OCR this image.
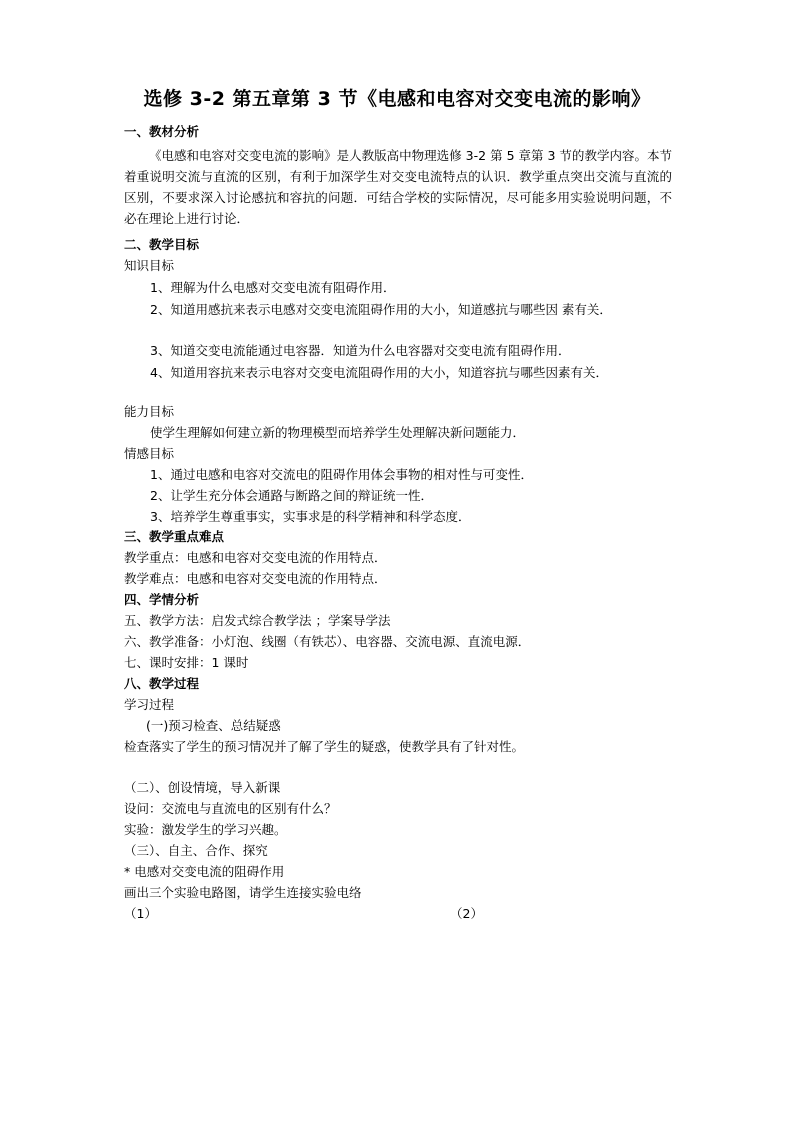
选修 3-2 第五章第 3 节《电感和电容对交变电流的影响》
一、教材分析
《电感和电容对交变电流的影响》是人教版高中物理选修 3-2 第 5 章第 3 节的教学内容。本节着重说明交流与直流的区别，有利于加深学生对交变电流特点的认识．教学重点突出交流与直流的区别，不要求深入讨论感抗和容抗的问题．可结合学校的实际情况，尽可能多用实验说明问题，不必在理论上进行讨论．
二、教学目标
知识目标
1、理解为什么电感对交变电流有阻碍作用．
2、知道用感抗来表示电感对交变电流阻碍作用的大小，知道感抗与哪些因 素有关．
3、知道交变电流能通过电容器．知道为什么电容器对交变电流有阻碍作用．
4、知道用容抗来表示电容对交变电流阻碍作用的大小，知道容抗与哪些因素有关．
能力目标
使学生理解如何建立新的物理模型而培养学生处理解决新问题能力．
情感目标
1、通过电感和电容对交流电的阻碍作用体会事物的相对性与可变性．
2、让学生充分体会通路与断路之间的辩证统一性．
3、培养学生尊重事实，实事求是的科学精神和科学态度．
三、教学重点难点
教学重点：电感和电容对交变电流的作用特点．
教学难点：电感和电容对交变电流的作用特点．
四、学情分析
五、教学方法：启发式综合教学法 ；学案导学法
六、教学准备：小灯泡、线圈（有铁芯）、电容器、交流电源、直流电源．
七、课时安排：1 课时
八、教学过程
学习过程
(一)预习检查、总结疑惑
检查落实了学生的预习情况并了解了学生的疑惑，使教学具有了针对性。
（二）、创设情境，导入新课
设问：交流电与直流电的区别有什么？
实验：激发学生的学习兴趣。
（三）、自主、合作、探究
* 电感对交变电流的阻碍作用
画出三个实验电路图，请学生连接实验电络
（1）	（2）
